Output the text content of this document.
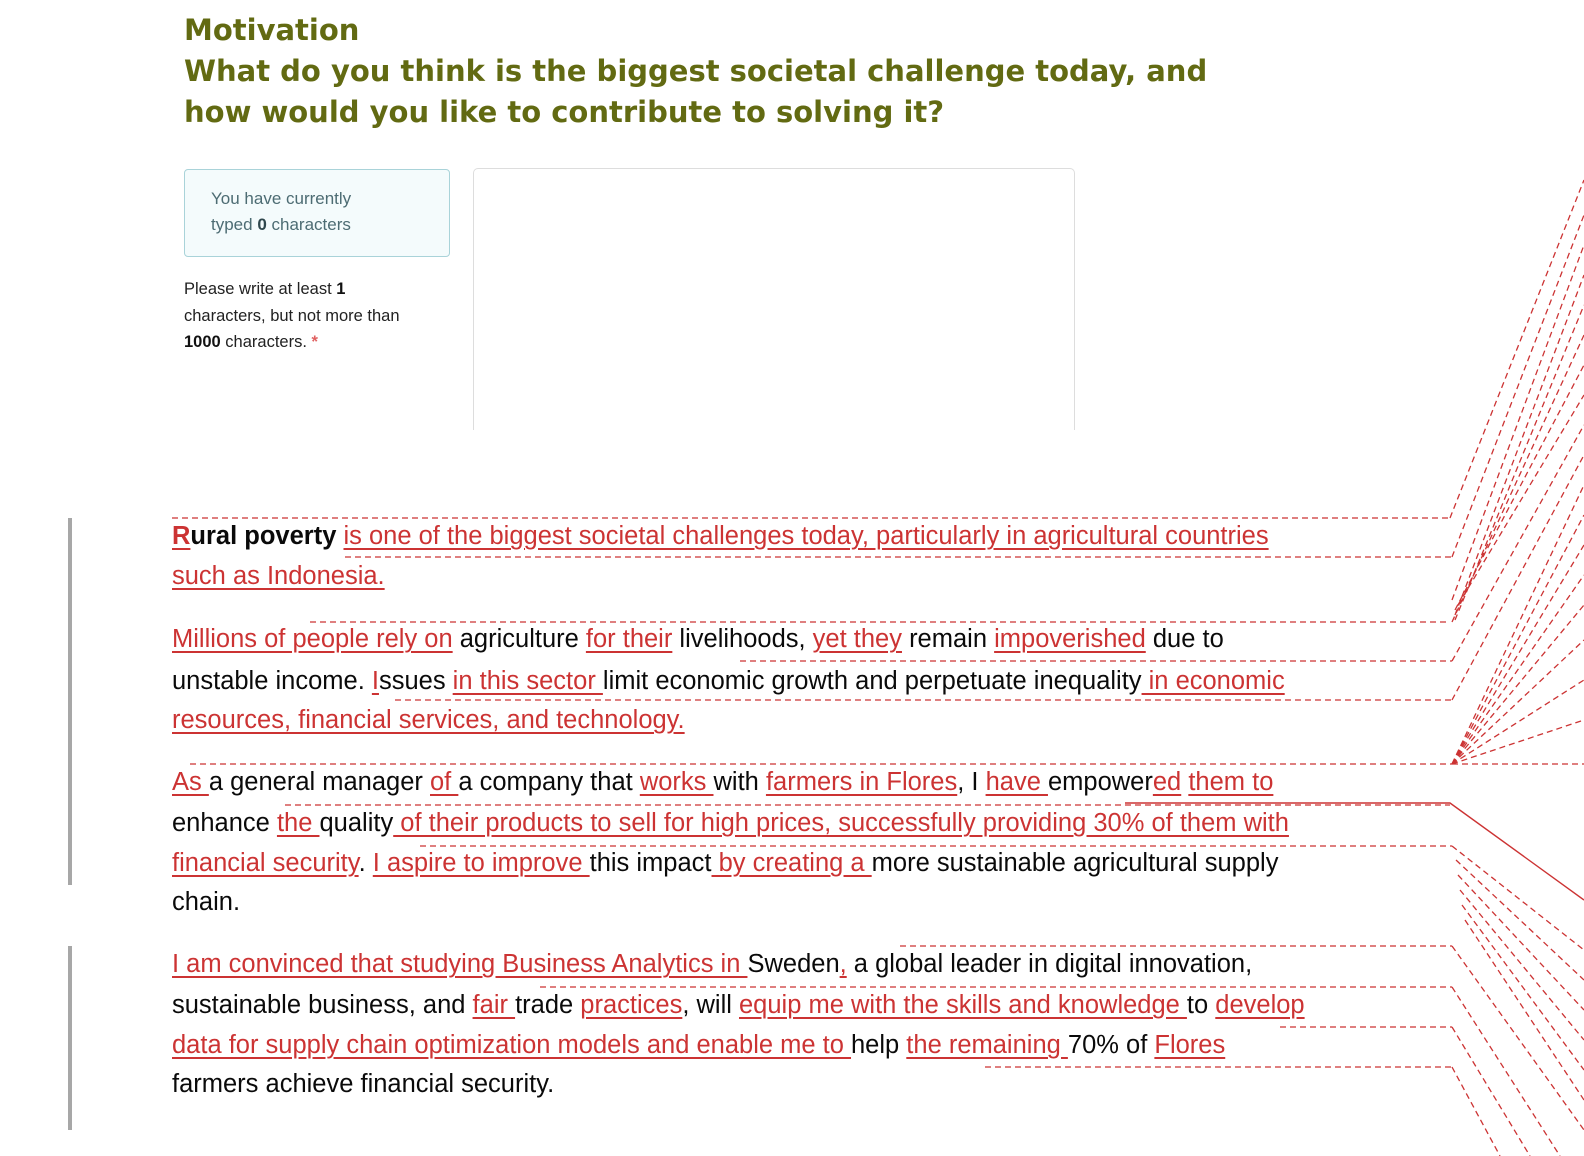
Motivation
What do you think is the biggest societal challenge today, and
how would you like to contribute to solving it?
You have currently
typed 0 characters
Please write at least 1
characters, but not more than
1000 characters. *
Rural poverty is one of the biggest societal challenges today, particularly in agricultural countries
such as Indonesia.
Millions of people rely on agriculture for their livelihoods, yet they remain impoverished due to
unstable income. Issues in this sector limit economic growth and perpetuate inequality in economic
resources, financial services, and technology.
As a general manager of a company that works with farmers in Flores, I have empowered them to
enhance the quality of their products to sell for high prices, successfully providing 30% of them with
financial security. I aspire to improve this impact by creating a more sustainable agricultural supply
chain.
I am convinced that studying Business Analytics in Sweden, a global leader in digital innovation,
sustainable business, and fair trade practices, will equip me with the skills and knowledge to develop
data for supply chain optimization models and enable me to help the remaining 70% of Flores
farmers achieve financial security.
